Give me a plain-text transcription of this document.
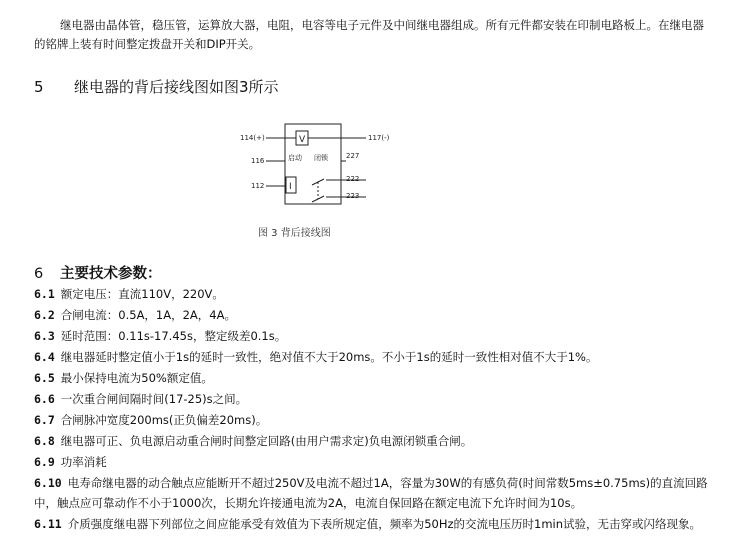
继电器由晶体管，稳压管，运算放大器，电阻，电容等电子元件及中间继电器组成。所有元件都安装在印制电路板上。在继电器的铭牌上装有时间整定拨盘开关和DIP开关。
5 继电器的背后接线图如图3所示
114(+)	117(-)
116
227
112
222
223
启动 闭锁
V
I
图 3 背后接线图
6 主要技术参数：
6.1 额定电压：直流110V，220V。
6.2 合闸电流：0.5A，1A，2A，4A。
6.3 延时范围：0.11s-17.45s，整定级差0.1s。
6.4 继电器延时整定值小于1s的延时一致性，绝对值不大于20ms。不小于1s的延时一致性相对值不大于1%。
6.5 最小保持电流为50%额定值。
6.6 一次重合闸间隔时间(17-25)s之间。
6.7 合闸脉冲宽度200ms(正负偏差20ms)。
6.8 继电器可正、负电源启动重合闸时间整定回路(由用户需求定)负电源闭锁重合闸。
6.9 功率消耗
6.10 电寿命继电器的动合触点应能断开不超过250V及电流不超过1A，容量为30W的有感负荷(时间常数5ms±0.75ms)的直流回路中，触点应可靠动作不小于1000次，长期允许接通电流为2A，电流自保回路在额定电流下允许时间为10s。
6.11 介质强度继电器下列部位之间应能承受有效值为下表所规定值，频率为50Hz的交流电压历时1min试验，无击穿或闪络现象。
